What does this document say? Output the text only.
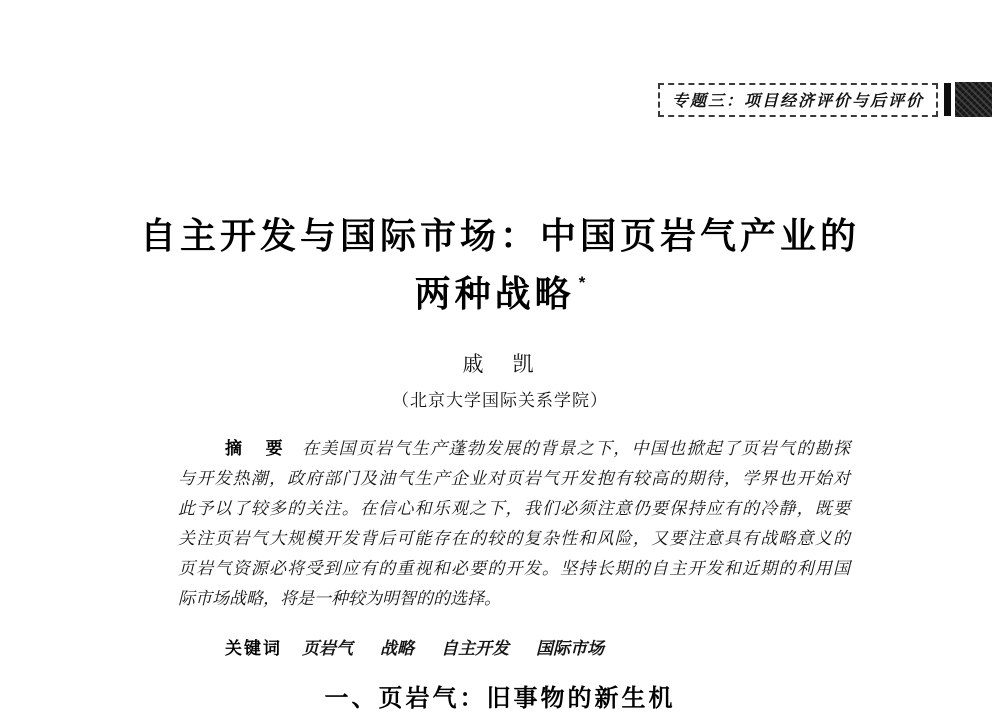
专题三：项目经济评价与后评价
自主开发与国际市场：中国页岩气产业的
两种战略 *
戚　凯
（北京大学国际关系学院）
摘　要 在美国页岩气生产蓬勃发展的背景之下，中国也掀起了页岩气的勘探
与开发热潮，政府部门及油气生产企业对页岩气开发抱有较高的期待，学界也开始对
此予以了较多的关注。在信心和乐观之下，我们必须注意仍要保持应有的冷静，既要
关注页岩气大规模开发背后可能存在的较的复杂性和风险，又要注意具有战略意义的
页岩气资源必将受到应有的重视和必要的开发。坚持长期的自主开发和近期的利用国
际市场战略，将是一种较为明智的的选择。
关键词 页岩气 战略 自主开发 国际市场
一、页岩气：旧事物的新生机
